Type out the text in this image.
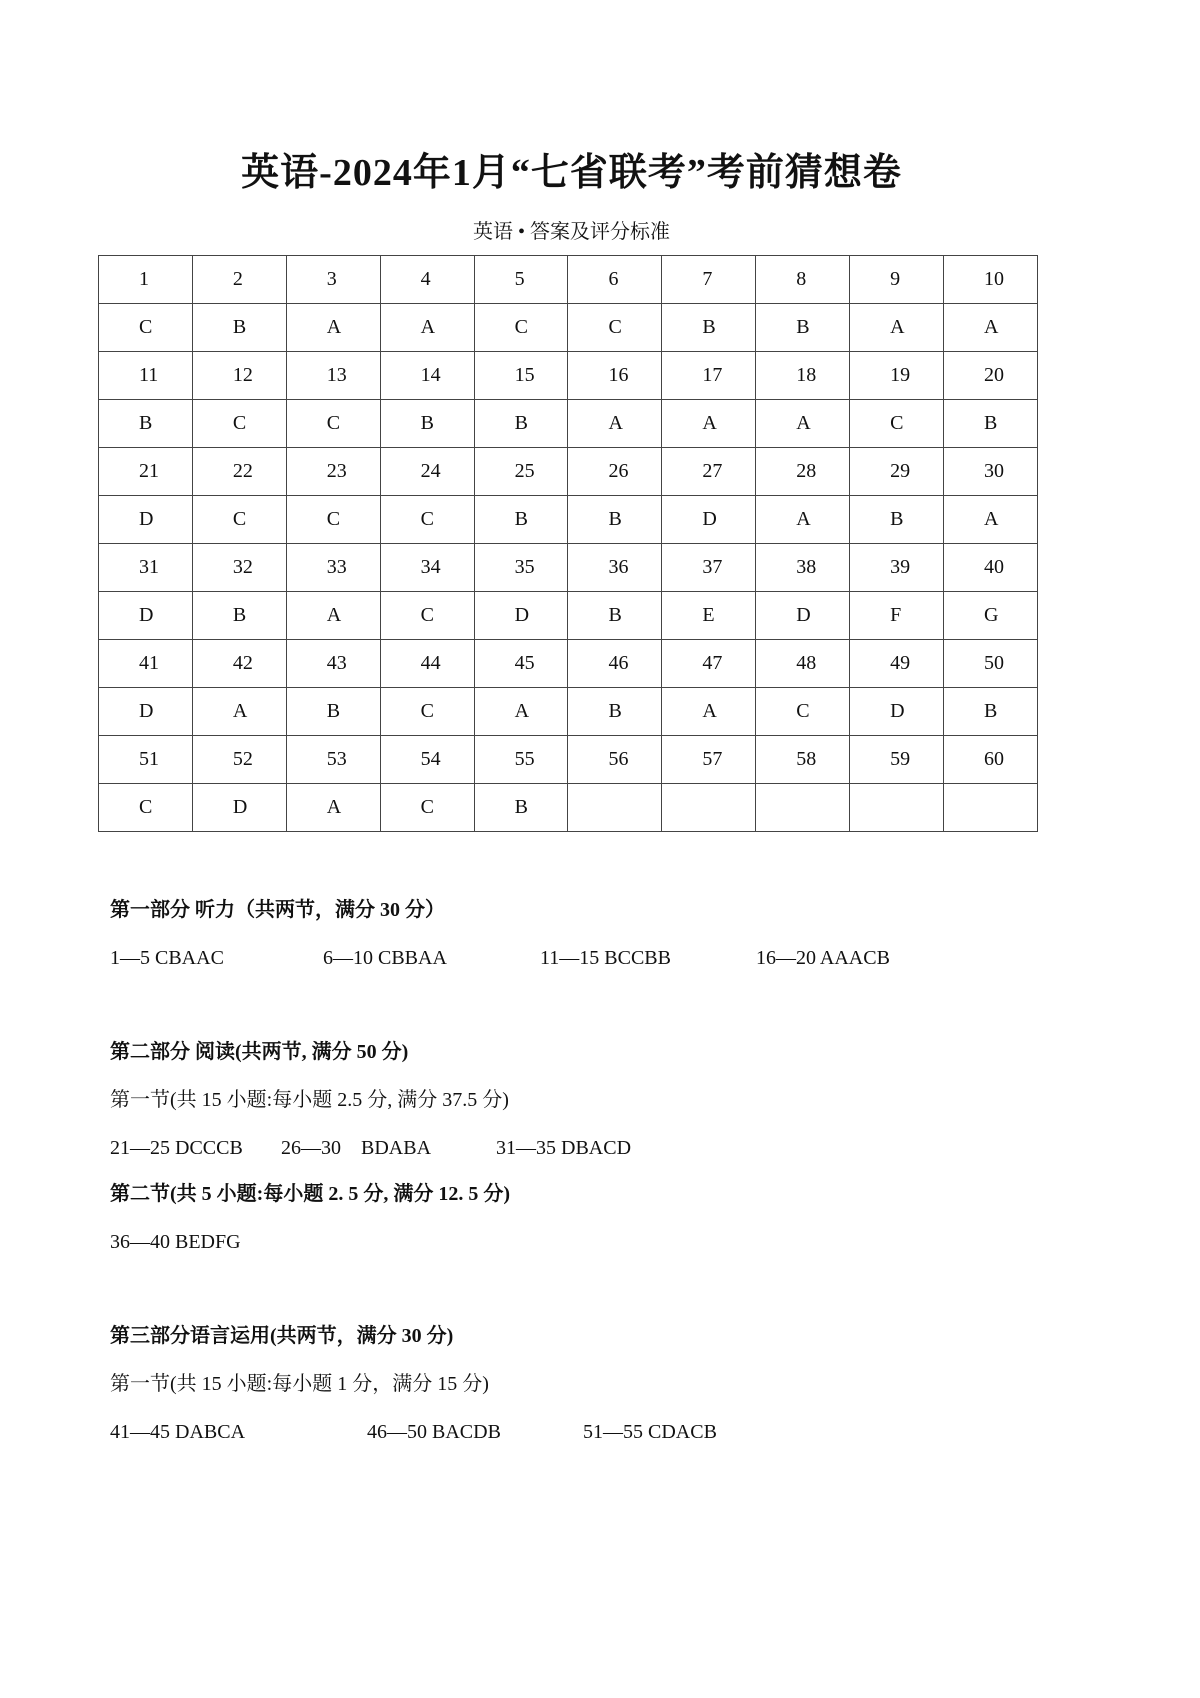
英语-2024年1月“七省联考”考前猜想卷
英语 • 答案及评分标准
1	2	3	4	5	6	7	8	9	10
C	B	A	A	C	C	B	B	A	A
11	12	13	14	15	16	17	18	19	20
B	C	C	B	B	A	A	A	C	B
21	22	23	24	25	26	27	28	29	30
D	C	C	C	B	B	D	A	B	A
31	32	33	34	35	36	37	38	39	40
D	B	A	C	D	B	E	D	F	G
41	42	43	44	45	46	47	48	49	50
D	A	B	C	A	B	A	C	D	B
51	52	53	54	55	56	57	58	59	60
C	D	A	C	B					
第一部分 听力（共两节，满分 30 分）
1—5 CBAAC	6—10 CBBAA	11—15 BCCBB	16—20 AAACB
第二部分 阅读(共两节, 满分 50 分)
第一节(共 15 小题:每小题 2.5 分, 满分 37.5 分)
21—25 DCCCB 26—30　BDABA	31—35 DBACD
第二节(共 5 小题:每小题 2. 5 分, 满分 12. 5 分)
36—40 BEDFG
第三部分语言运用(共两节，满分 30 分)
第一节(共 15 小题:每小题 1 分，满分 15 分)
41—45 DABCA	46—50 BACDB	51—55 CDACB
